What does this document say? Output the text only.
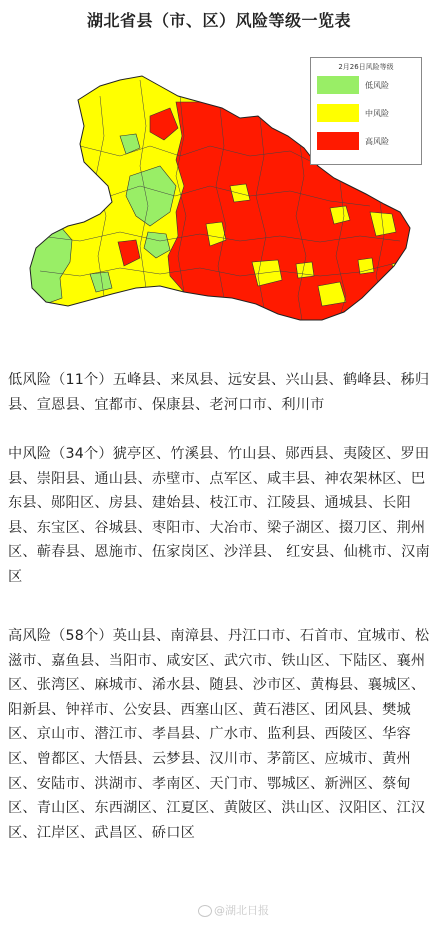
湖北省县（市、区）风险等级一览表
2月26日风险等级
低风险
中风险
高风险
低风险（11个）五峰县、来凤县、远安县、兴山县、鹤峰县、秭归县、宣恩县、宜都市、保康县、老河口市、利川市
中风险（34个）猇亭区、竹溪县、竹山县、郧西县、夷陵区、罗田县、崇阳县、通山县、赤壁市、点军区、咸丰县、神农架林区、巴东县、郧阳区、房县、建始县、枝江市、江陵县、通城县、长阳县、东宝区、谷城县、枣阳市、大冶市、梁子湖区、掇刀区、荆州区、蕲春县、恩施市、伍家岗区、沙洋县、 红安县、仙桃市、汉南区
高风险（58个）英山县、南漳县、丹江口市、石首市、宜城市、松滋市、嘉鱼县、当阳市、咸安区、武穴市、铁山区、下陆区、襄州区、张湾区、麻城市、浠水县、随县、沙市区、黄梅县、襄城区、阳新县、钟祥市、公安县、西塞山区、黄石港区、团风县、樊城区、京山市、潜江市、孝昌县、广水市、监利县、西陵区、华容区、曾都区、大悟县、云梦县、汉川市、茅箭区、应城市、黄州区、安陆市、洪湖市、孝南区、天门市、鄂城区、新洲区、蔡甸区、青山区、东西湖区、江夏区、黄陂区、洪山区、汉阳区、江汉区、江岸区、武昌区、硚口区
@湖北日报
